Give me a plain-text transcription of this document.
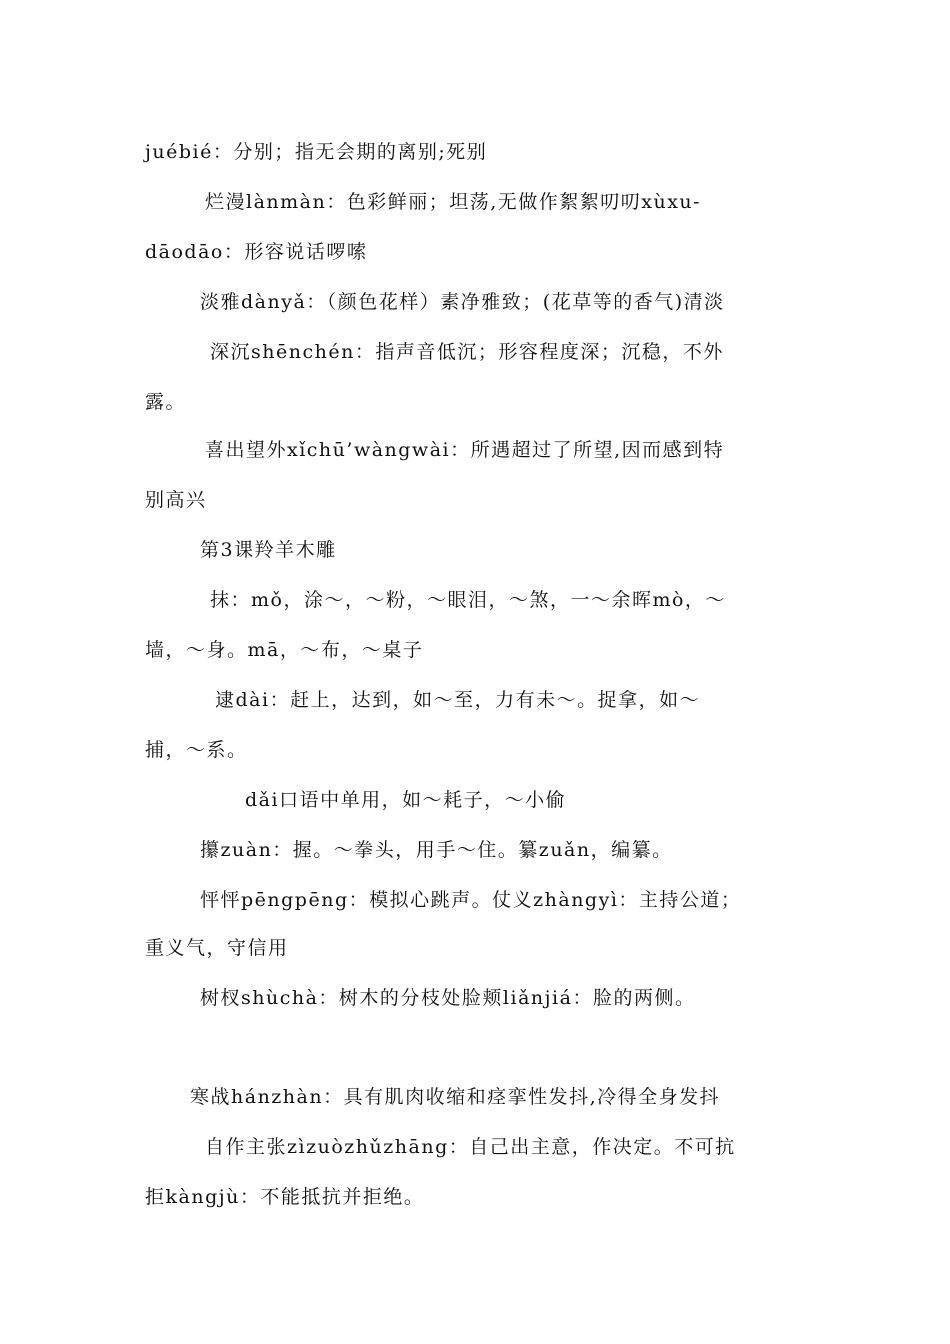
juébié：分别；指无会期的离别;死别

烂漫lànmàn：色彩鲜丽；坦荡,无做作絮絮叨叨xùxu-

dāodāo：形容说话啰嗦

淡雅dànyǎ：（颜色花样）素净雅致；(花草等的香气)清淡

深沉shēnchén：指声音低沉；形容程度深；沉稳，不外

露。

喜出望外xǐchū’wàngwài：所遇超过了所望,因而感到特

别高兴

第3课羚羊木雕

抹：mǒ，涂～，～粉，～眼泪，～煞，一～余晖mò，～

墙，～身。mā，～布，～桌子

逮dài：赶上，达到，如～至，力有未～。捉拿，如～

捕，～系。

dǎi口语中单用，如～耗子，～小偷

攥zuàn：握。～拳头，用手～住。纂zuǎn，编纂。

怦怦pēngpēng：模拟心跳声。仗义zhàngyì：主持公道；

重义气，守信用

树杈shùchà：树木的分枝处脸颊liǎnjiá：脸的两侧。

寒战hánzhàn：具有肌肉收缩和痉挛性发抖,冷得全身发抖

自作主张zìzuòzhǔzhāng：自己出主意，作决定。不可抗

拒kàngjù：不能抵抗并拒绝。
